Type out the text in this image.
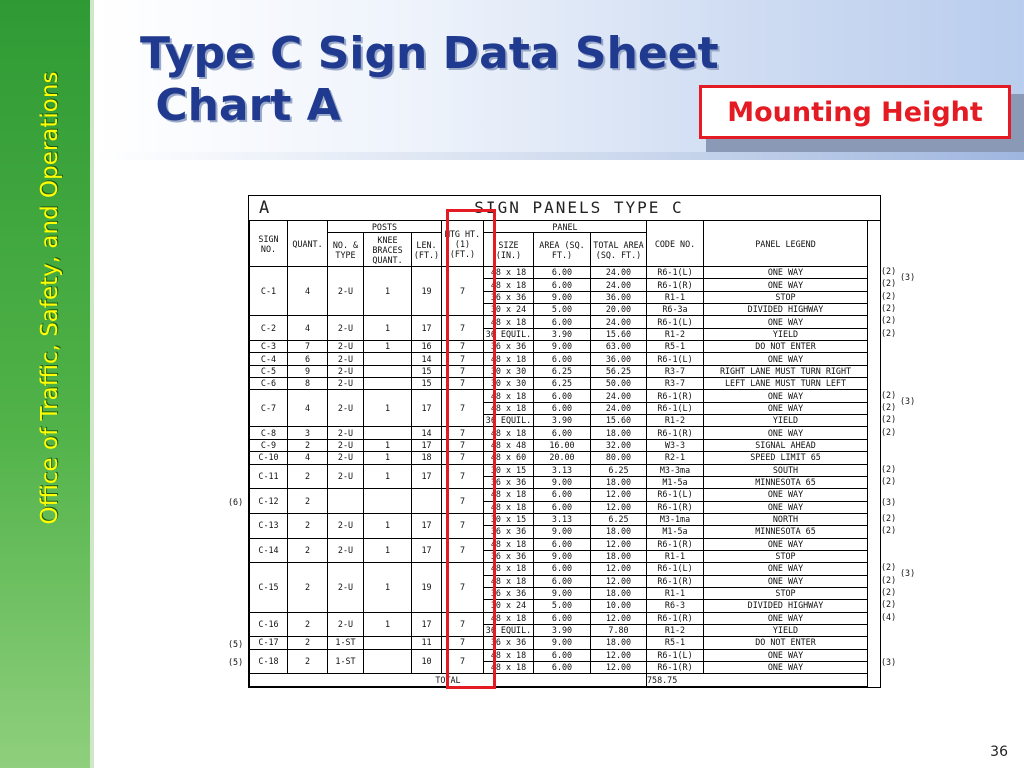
Office of Traffic, Safety, and Operations
Type C Sign Data Sheet
Chart A	Mounting Height
A	SIGN PANELS TYPE C
SIGN NO.	QUANT.	POSTS			MTG HT. (1) (FT.)	PANEL			CODE NO.	PANEL LEGEND
		NO. & TYPE	KNEE BRACES QUANT.	LEN. (FT.)		SIZE (IN.)	AREA (SQ. FT.)	TOTAL AREA (SQ. FT.)		
C-1	4	2-U	1	19	7	48 x 18	6.00	24.00	R6-1(L)	ONE WAY
						48 x 18	6.00	24.00	R6-1(R)	ONE WAY
						36 x 36	9.00	36.00	R1-1	STOP
						30 x 24	5.00	20.00	R6-3a	DIVIDED HIGHWAY
C-2	4	2-U	1	17	7	48 x 18	6.00	24.00	R6-1(L)	ONE WAY
						36 EQUIL.	3.90	15.60	R1-2	YIELD
C-3	7	2-U	1	16	7	36 x 36	9.00	63.00	R5-1	DO NOT ENTER
C-4	6	2-U		14	7	48 x 18	6.00	36.00	R6-1(L)	ONE WAY
C-5	9	2-U		15	7	30 x 30	6.25	56.25	R3-7	RIGHT LANE MUST TURN RIGHT
C-6	8	2-U		15	7	30 x 30	6.25	50.00	R3-7	LEFT LANE MUST TURN LEFT
C-7	4	2-U	1	17	7	48 x 18	6.00	24.00	R6-1(R)	ONE WAY
						48 x 18	6.00	24.00	R6-1(L)	ONE WAY
						36 EQUIL.	3.90	15.60	R1-2	YIELD
C-8	3	2-U		14	7	48 x 18	6.00	18.00	R6-1(R)	ONE WAY
C-9	2	2-U	1	17	7	48 x 48	16.00	32.00	W3-3	SIGNAL AHEAD
C-10	4	2-U	1	18	7	48 x 60	20.00	80.00	R2-1	SPEED LIMIT 65
C-11	2	2-U	1	17	7	30 x 15	3.13	6.25	M3-3ma	SOUTH
						36 x 36	9.00	18.00	M1-5a	MINNESOTA 65
C-12	2				7	48 x 18	6.00	12.00	R6-1(L)	ONE WAY
						48 x 18	6.00	12.00	R6-1(R)	ONE WAY
C-13	2	2-U	1	17	7	30 x 15	3.13	6.25	M3-1ma	NORTH
						36 x 36	9.00	18.00	M1-5a	MINNESOTA 65
C-14	2	2-U	1	17	7	48 x 18	6.00	12.00	R6-1(R)	ONE WAY
						36 x 36	9.00	18.00	R1-1	STOP
C-15	2	2-U	1	19	7	48 x 18	6.00	12.00	R6-1(L)	ONE WAY
						48 x 18	6.00	12.00	R6-1(R)	ONE WAY
						36 x 36	9.00	18.00	R1-1	STOP
						30 x 24	5.00	10.00	R6-3	DIVIDED HIGHWAY
C-16	2	2-U	1	17	7	48 x 18	6.00	12.00	R6-1(R)	ONE WAY
						36 EQUIL.	3.90	7.80	R1-2	YIELD
C-17	2	1-ST		11	7	36 x 36	9.00	18.00	R5-1	DO NOT ENTER
C-18	2	1-ST		10	7	48 x 18	6.00	12.00	R6-1(L)	ONE WAY
						48 x 18	6.00	12.00	R6-1(R)	ONE WAY
TOTAL									758.75	
(2)
(2)
(2)
(2)
(3)
(2)
(2)
(2)
(2)
(2)
(3)
(2)
(2)
(2)
(3)
(6)
(2)
(2)
(2)
(2)
(2)
(2)
(3)
(4)
(5)
(3)
(5)
36
